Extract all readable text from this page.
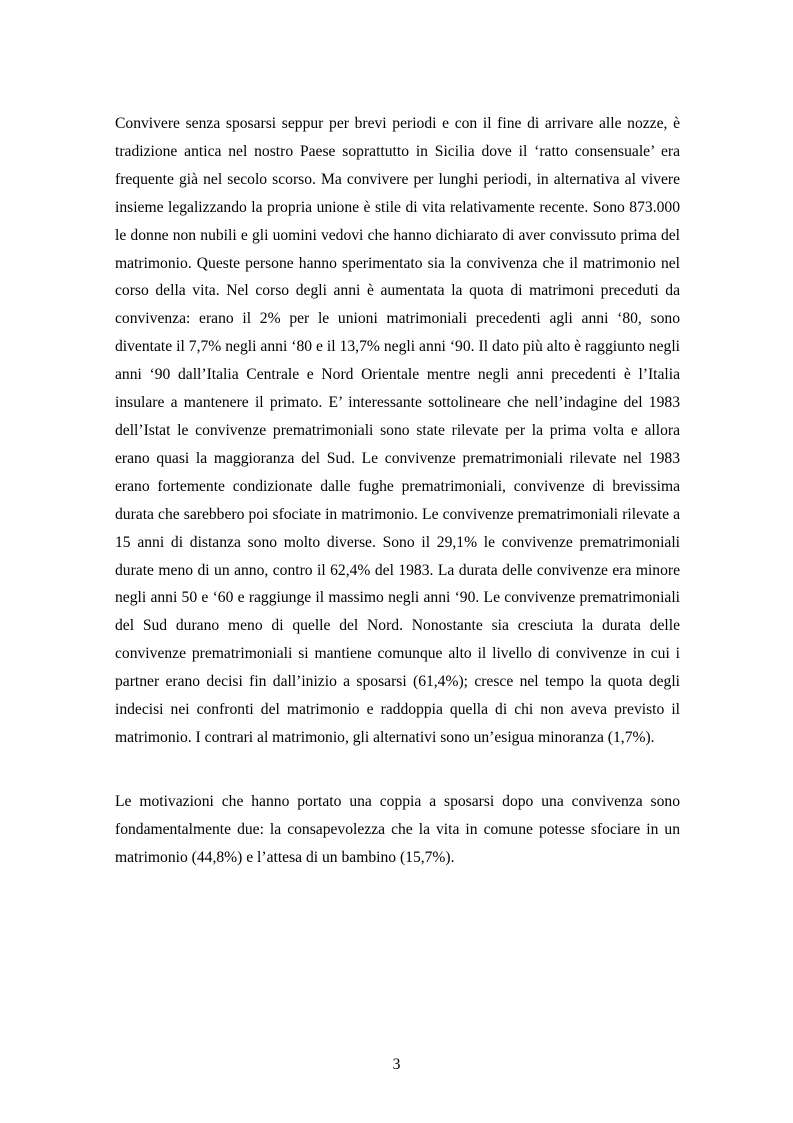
Convivere senza sposarsi seppur per brevi periodi e con il fine di arrivare alle nozze, è tradizione antica nel nostro Paese soprattutto in Sicilia dove il ‘ratto consensuale’ era frequente già nel secolo scorso. Ma convivere per lunghi periodi, in alternativa al vivere insieme legalizzando la propria unione è stile di vita relativamente recente. Sono 873.000 le donne non nubili e gli uomini vedovi che hanno dichiarato di aver convissuto prima del matrimonio. Queste persone hanno sperimentato sia la convivenza che il matrimonio nel corso della vita. Nel corso degli anni è aumentata la quota di matrimoni preceduti da convivenza: erano il 2% per le unioni matrimoniali precedenti agli anni ‘80, sono diventate il 7,7% negli anni ‘80 e il 13,7% negli anni ‘90. Il dato più alto è raggiunto negli anni ‘90 dall’Italia Centrale e Nord Orientale mentre negli anni precedenti è l’Italia insulare a mantenere il primato. E’ interessante sottolineare che nell’indagine del 1983 dell’Istat le convivenze prematrimoniali sono state rilevate per la prima volta e allora erano quasi la maggioranza del Sud. Le convivenze prematrimoniali rilevate nel 1983 erano fortemente condizionate dalle fughe prematrimoniali, convivenze di brevissima durata che sarebbero poi sfociate in matrimonio. Le convivenze prematrimoniali rilevate a 15 anni di distanza sono molto diverse. Sono il 29,1% le convivenze prematrimoniali durate meno di un anno, contro il 62,4% del 1983. La durata delle convivenze era minore negli anni 50 e ‘60 e raggiunge il massimo negli anni ‘90. Le convivenze prematrimoniali del Sud durano meno di quelle del Nord. Nonostante sia cresciuta la durata delle convivenze prematrimoniali si mantiene comunque alto il livello di convivenze in cui i partner erano decisi fin dall’inizio a sposarsi (61,4%); cresce nel tempo la quota degli indecisi nei confronti del matrimonio e raddoppia quella di chi non aveva previsto il matrimonio. I contrari al matrimonio, gli alternativi sono un’esigua minoranza (1,7%).

Le motivazioni che hanno portato una coppia a sposarsi dopo una convivenza sono fondamentalmente due: la consapevolezza che la vita in comune potesse sfociare in un matrimonio (44,8%) e l’attesa di un bambino (15,7%).

3
